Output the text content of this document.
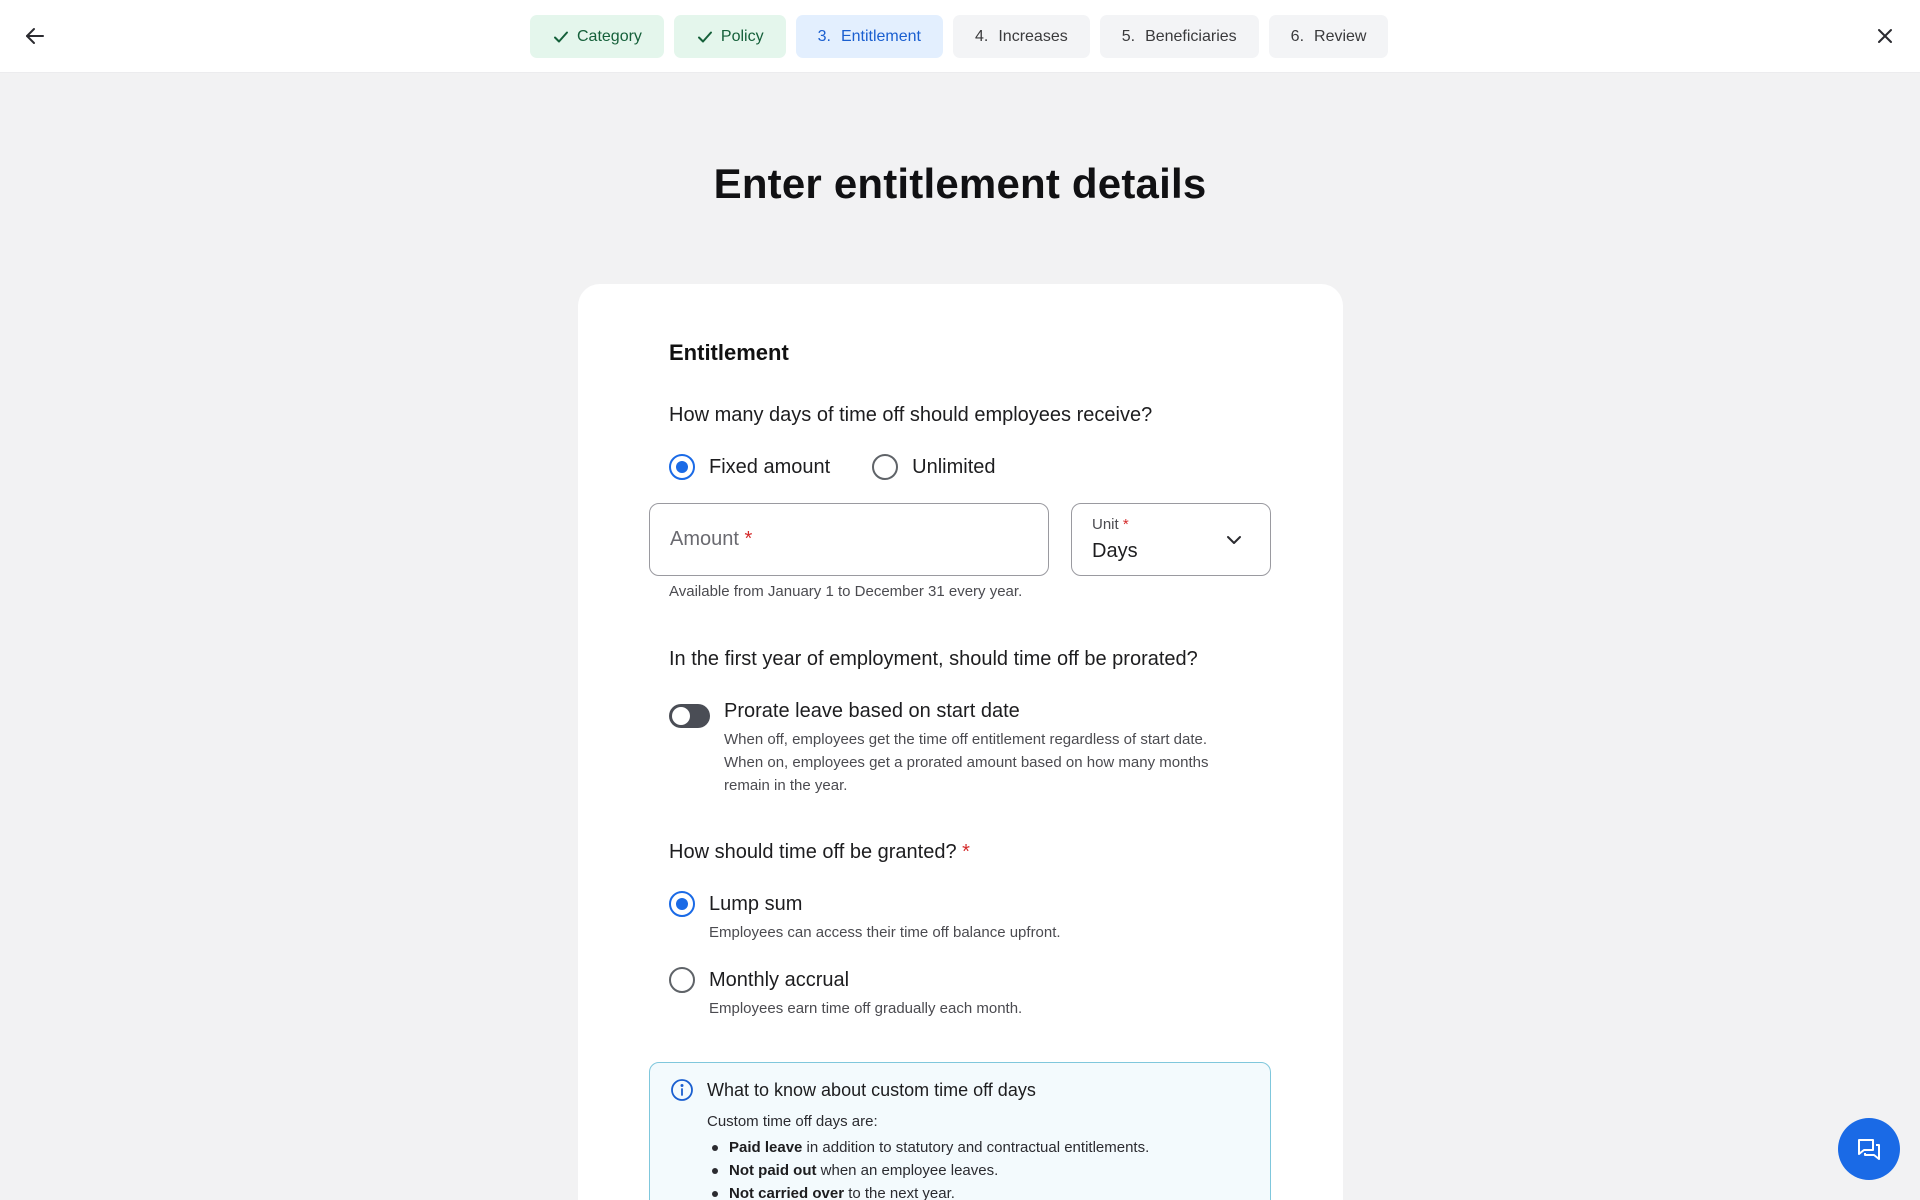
Category	Policy	3. Entitlement	4. Increases	5. Beneficiaries	6. Review
Enter entitlement details
Entitlement
How many days of time off should employees receive?
Fixed amount	Unlimited
Amount *
Unit *
Days
Available from January 1 to December 31 every year.
In the first year of employment, should time off be prorated?
Prorate leave based on start date
When off, employees get the time off entitlement regardless of start date. When on, employees get a prorated amount based on how many months remain in the year.
How should time off be granted? *
Lump sum
Employees can access their time off balance upfront.
Monthly accrual
Employees earn time off gradually each month.
What to know about custom time off days
Custom time off days are:
Paid leave in addition to statutory and contractual entitlements.
Not paid out when an employee leaves.
Not carried over to the next year.
